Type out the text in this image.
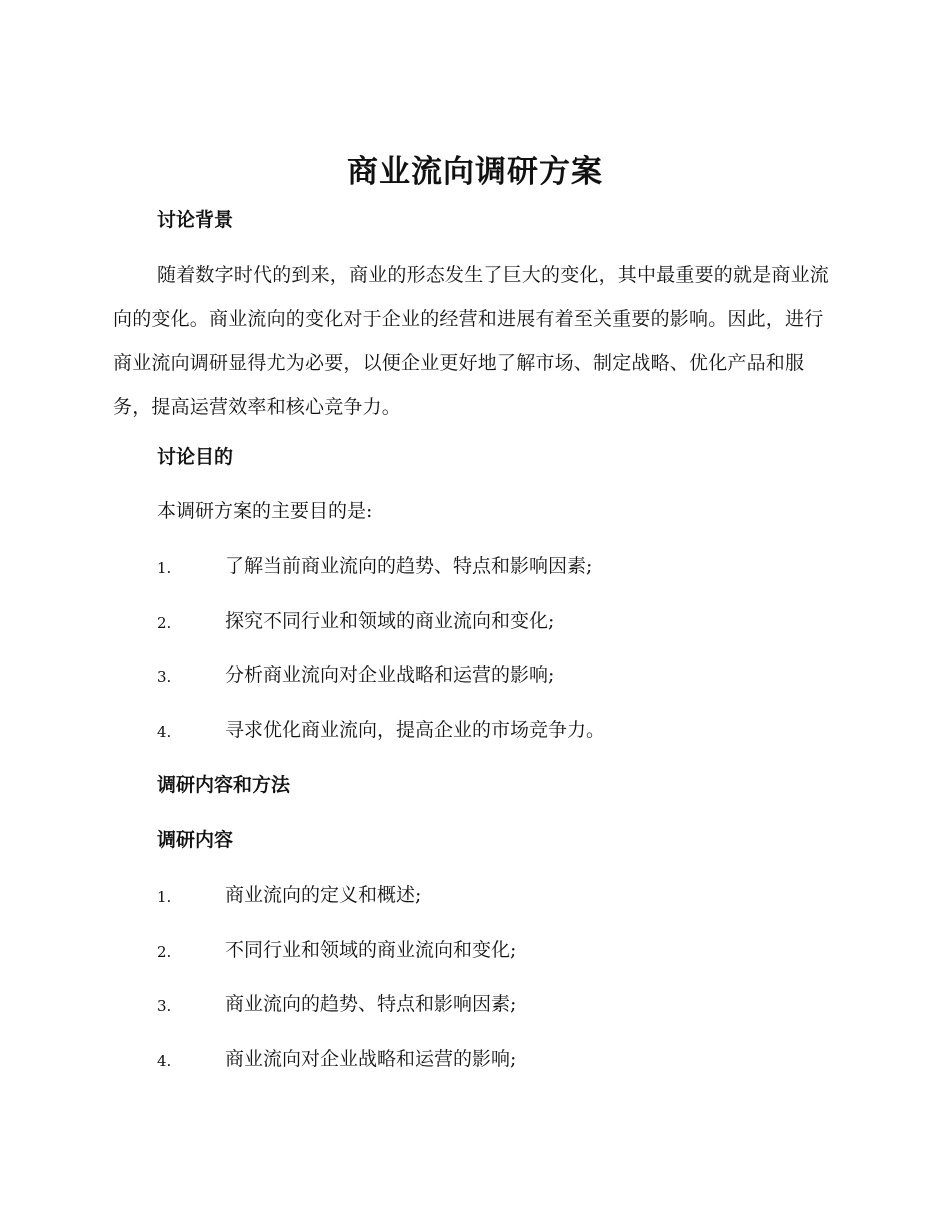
商业流向调研方案
讨论背景
随着数字时代的到来，商业的形态发生了巨大的变化，其中最重要的就是商业流向的变化。商业流向的变化对于企业的经营和进展有着至关重要的影响。因此，进行商业流向调研显得尤为必要，以便企业更好地了解市场、制定战略、优化产品和服务，提高运营效率和核心竞争力。
讨论目的
本调研方案的主要目的是:
1.	了解当前商业流向的趋势、特点和影响因素;
2.	探究不同行业和领域的商业流向和变化;
3.	分析商业流向对企业战略和运营的影响;
4.	寻求优化商业流向，提高企业的市场竞争力。
调研内容和方法
调研内容
1.	商业流向的定义和概述;
2.	不同行业和领域的商业流向和变化;
3.	商业流向的趋势、特点和影响因素;
4.	商业流向对企业战略和运营的影响;
